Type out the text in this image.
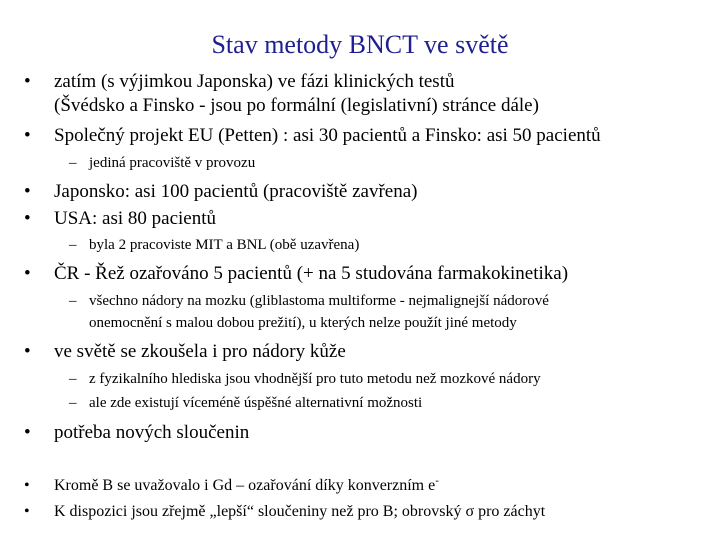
Stav metody BNCT ve světě
• zatím (s výjimkou Japonska) ve fázi klinických testů
(Švédsko a Finsko - jsou po formální (legislativní) stránce dále)
• Společný projekt EU (Petten) : asi 30 pacientů a Finsko: asi 50 pacientů
– jediná pracoviště v provozu
• Japonsko: asi 100 pacientů (pracoviště zavřena)
• USA: asi 80 pacientů
– byla 2 pracoviste MIT a BNL (obě uzavřena)
• ČR - Řež ozařováno 5 pacientů (+ na 5 studována farmakokinetika)
– všechno nádory na mozku (gliblastoma multiforme - nejmalignejší nádorové
onemocnění s malou dobou prežití), u kterých nelze použít jiné metody
• ve světě se zkoušela i pro nádory kůže
– z fyzikalního hlediska jsou vhodnější pro tuto metodu než mozkové nádory
– ale zde existují víceméně úspěšné alternativní možnosti
• potřeba nových sloučenin
• Kromě B se uvažovalo i Gd – ozařování díky konverzním e-
• K dispozici jsou zřejmě „lepší“ sloučeniny než pro B; obrovský σ pro záchyt
